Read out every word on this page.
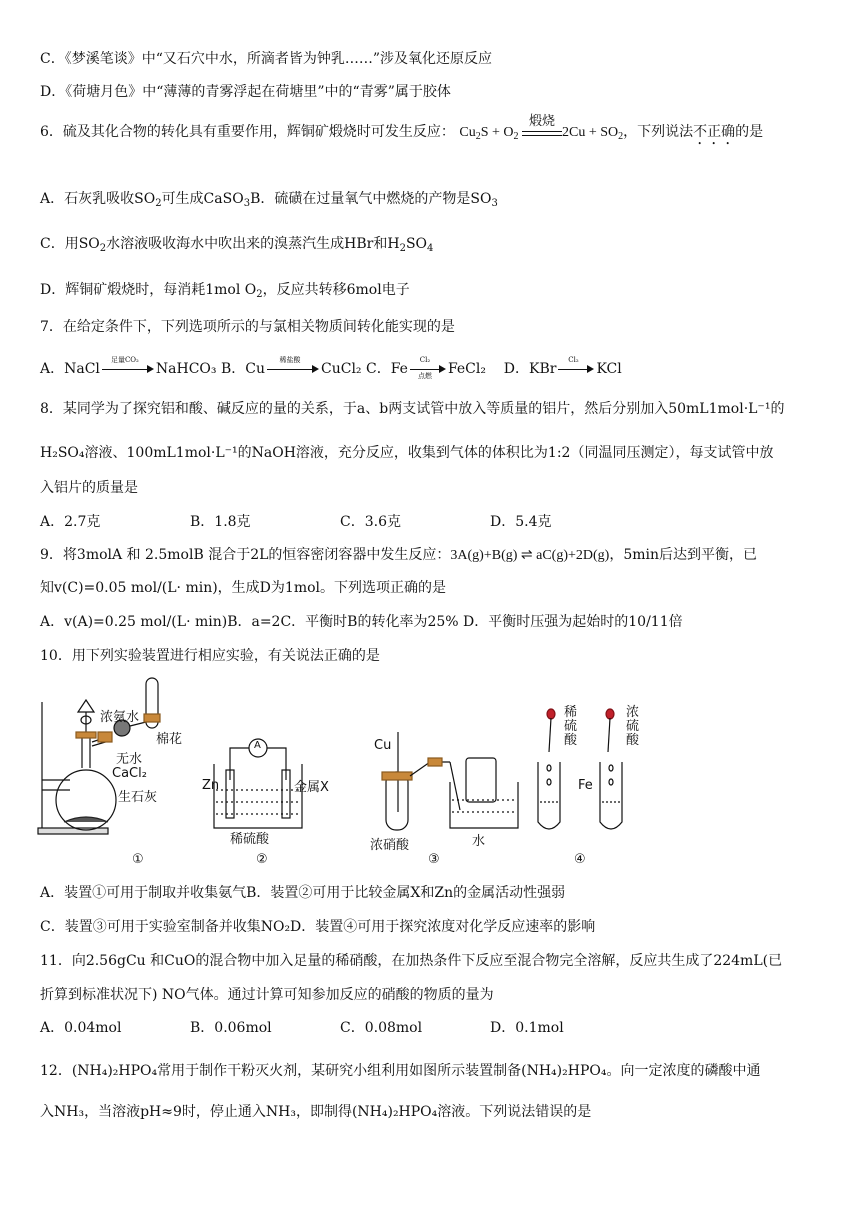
C．《梦溪笔谈》中“又石穴中水，所滴者皆为钟乳……”涉及氧化还原反应
D．《荷塘月色》中“薄薄的青雾浮起在荷塘里”中的“青雾”属于胶体
6．硫及其化合物的转化具有重要作用，辉铜矿煅烧时可发生反应： $Cu_2S + O_2$
煅烧
$2Cu + SO_2$，下列说法不正确的是
A．石灰乳吸收$SO_2$可生成CaSO$_3$B．硫磺在过量氧气中燃烧的产物是$SO_3$
C．用$SO_2$水溶液吸收海水中吹出来的溴蒸汽生成HBr和$H_2SO_4$
D．辉铜矿煅烧时，每消耗1mol $O_2$，反应共转移6mol电子
7．在给定条件下，下列选项所示的与氯相关物质间转化能实现的是
A．NaCl
足量CO₂
NaHCO₃ B．Cu
稀盐酸
CuCl₂ C．Fe
Cl₂
点燃	FeCl₂ D．KBr
Cl₂
KCl
8．某同学为了探究铝和酸、碱反应的量的关系，于a、b两支试管中放入等质量的铝片，然后分别加入50mL1mol·L⁻¹的
H₂SO₄溶液、100mL1mol·L⁻¹的NaOH溶液，充分反应，收集到气体的体积比为1:2（同温同压测定），每支试管中放
入铝片的质量是
A．2.7克	B．1.8克	C．3.6克	D．5.4克
9．将3molA 和 2.5molB 混合于2L的恒容密闭容器中发生反应：3A(g)+B(g) ⇌ aC(g)+2D(g)，5min后达到平衡，已
知v(C)=0.05 mol/(L· min)，生成D为1mol。下列选项正确的是
A．v(A)=0.25 mol/(L· min)B．a=2C．平衡时B的转化率为25% D．平衡时压强为起始时的10/11倍
10．用下列实验装置进行相应实验，有关说法正确的是
浓氨水
棉花
无水
CaCl₂
生石灰
A
Zn	金属X
稀硫酸
Cu
浓硝酸	水
稀
硫
酸
浓
硫
酸
Fe
①	②	③	④
A．装置①可用于制取并收集氨气B．装置②可用于比较金属X和Zn的金属活动性强弱
C．装置③可用于实验室制备并收集NO₂D．装置④可用于探究浓度对化学反应速率的影响
11．向2.56gCu 和CuO的混合物中加入足量的稀硝酸，在加热条件下反应至混合物完全溶解，反应共生成了224mL(已
折算到标准状况下) NO气体。通过计算可知参加反应的硝酸的物质的量为
A．0.04mol	B．0.06mol	C．0.08mol	D．0.1mol
12．(NH₄)₂HPO₄常用于制作干粉灭火剂，某研究小组利用如图所示装置制备(NH₄)₂HPO₄。向一定浓度的磷酸中通
入NH₃，当溶液pH≈9时，停止通入NH₃，即制得(NH₄)₂HPO₄溶液。下列说法错误的是
